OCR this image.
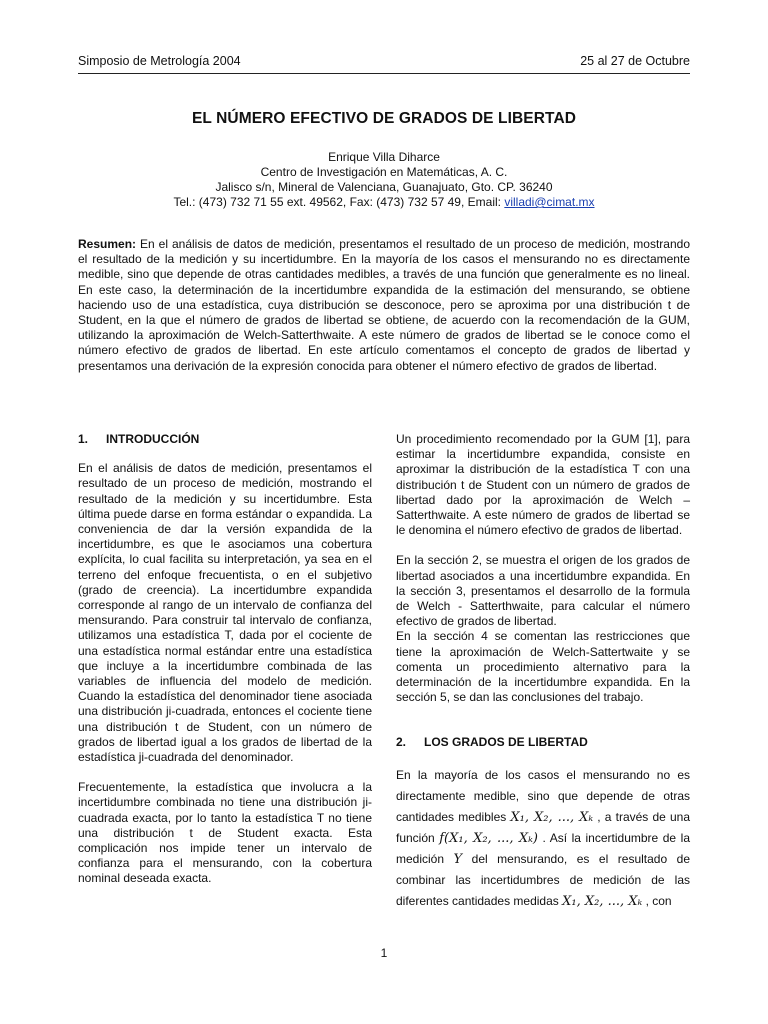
Simposio de Metrología 2004	25 al 27 de Octubre
EL NÚMERO EFECTIVO DE GRADOS DE LIBERTAD
Enrique Villa Diharce
Centro de Investigación en Matemáticas, A. C.
Jalisco s/n, Mineral de Valenciana, Guanajuato, Gto. CP. 36240
Tel.: (473) 732 71 55 ext. 49562, Fax: (473) 732 57 49, Email: villadi@cimat.mx
Resumen: En el análisis de datos de medición, presentamos el resultado de un proceso de medición, mostrando el resultado de la medición y su incertidumbre. En la mayoría de los casos el mensurando no es directamente medible, sino que depende de otras cantidades medibles, a través de una función que generalmente es no lineal. En este caso, la determinación de la incertidumbre expandida de la estimación del mensurando, se obtiene haciendo uso de una estadística, cuya distribución se desconoce, pero se aproxima por una distribución t de Student, en la que el número de grados de libertad se obtiene, de acuerdo con la recomendación de la GUM, utilizando la aproximación de Welch-Satterthwaite. A este número de grados de libertad se le conoce como el número efectivo de grados de libertad. En este artículo comentamos el concepto de grados de libertad y presentamos una derivación de la expresión conocida para obtener el número efectivo de grados de libertad.
1. INTRODUCCIÓN

En el análisis de datos de medición, presentamos el resultado de un proceso de medición, mostrando el resultado de la medición y su incertidumbre. Esta última puede darse en forma estándar o expandida. La conveniencia de dar la versión expandida de la incertidumbre, es que le asociamos una cobertura explícita, lo cual facilita su interpretación, ya sea en el terreno del enfoque frecuentista, o en el subjetivo (grado de creencia). La incertidumbre expandida corresponde al rango de un intervalo de confianza del mensurando. Para construir tal intervalo de confianza, utilizamos una estadística T, dada por el cociente de una estadística normal estándar entre una estadística que incluye a la incertidumbre combinada de las variables de influencia del modelo de medición. Cuando la estadística del denominador tiene asociada una distribución ji-cuadrada, entonces el cociente tiene una distribución t de Student, con un número de grados de libertad igual a los grados de libertad de la estadística ji-cuadrada del denominador.

Frecuentemente, la estadística que involucra a la incertidumbre combinada no tiene una distribución ji-cuadrada exacta, por lo tanto la estadística T no tiene una distribución t de Student exacta. Esta complicación nos impide tener un intervalo de confianza para el mensurando, con la cobertura nominal deseada exacta.

Un procedimiento recomendado por la GUM [1], para estimar la incertidumbre expandida, consiste en aproximar la distribución de la estadística T con una distribución t de Student con un número de grados de libertad dado por la aproximación de Welch – Satterthwaite. A este número de grados de libertad se le denomina el número efectivo de grados de libertad.

En la sección 2, se muestra el origen de los grados de libertad asociados a una incertidumbre expandida. En la sección 3, presentamos el desarrollo de la formula de Welch - Satterthwaite, para calcular el número efectivo de grados de libertad.

En la sección 4 se comentan las restricciones que tiene la aproximación de Welch-Sattertwaite y se comenta un procedimiento alternativo para la determinación de la incertidumbre expandida. En la sección 5, se dan las conclusiones del trabajo.

2. LOS GRADOS DE LIBERTAD

En la mayoría de los casos el mensurando no es directamente medible, sino que depende de otras cantidades medibles X₁, X₂, ..., Xₖ , a través de una función f(X₁, X₂, ..., Xₖ) . Así la incertidumbre de la medición Y del mensurando, es el resultado de combinar las incertidumbres de medición de las diferentes cantidades medidas X₁, X₂, ..., Xₖ , con

1
